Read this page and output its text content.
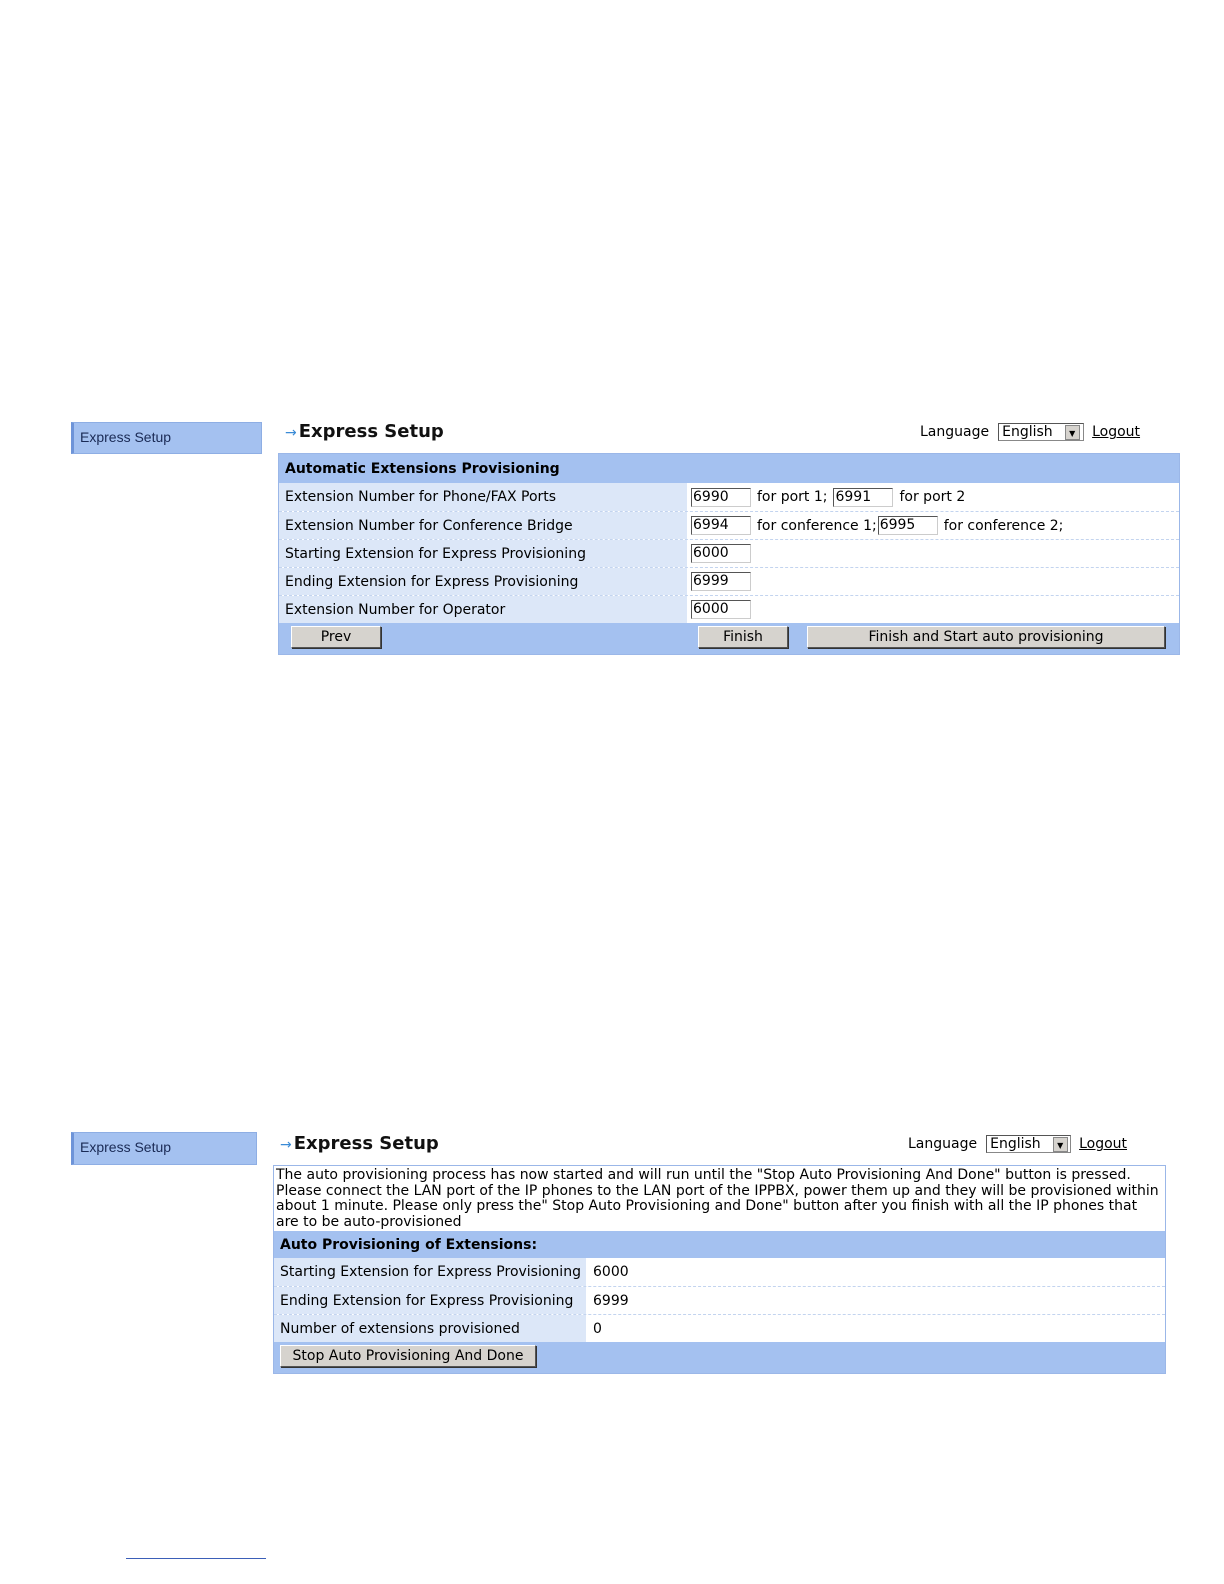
Express Setup	→ Express Setup	Language English	▼	Logout
Automatic Extensions Provisioning
Extension Number for Phone/FAX Ports	6990	for port 1; 6991	for port 2
Extension Number for Conference Bridge	6994	for conference 1; 6995	for conference 2;
Starting Extension for Express Provisioning	6000
Ending Extension for Express Provisioning	6999
Extension Number for Operator	6000
Prev	Finish	Finish and Start auto provisioning
Express Setup	→ Express Setup	Language English	▼	Logout
The auto provisioning process has now started and will run until the "Stop Auto Provisioning And Done" button is pressed. Please connect the LAN port of the IP phones to the LAN port of the IPPBX, power them up and they will be provisioned within about 1 minute. Please only press the" Stop Auto Provisioning and Done" button after you finish with all the IP phones that are to be auto-provisioned
Auto Provisioning of Extensions:
Starting Extension for Express Provisioning 6000
Ending Extension for Express Provisioning	6999
Number of extensions provisioned	0
Stop Auto Provisioning And Done
